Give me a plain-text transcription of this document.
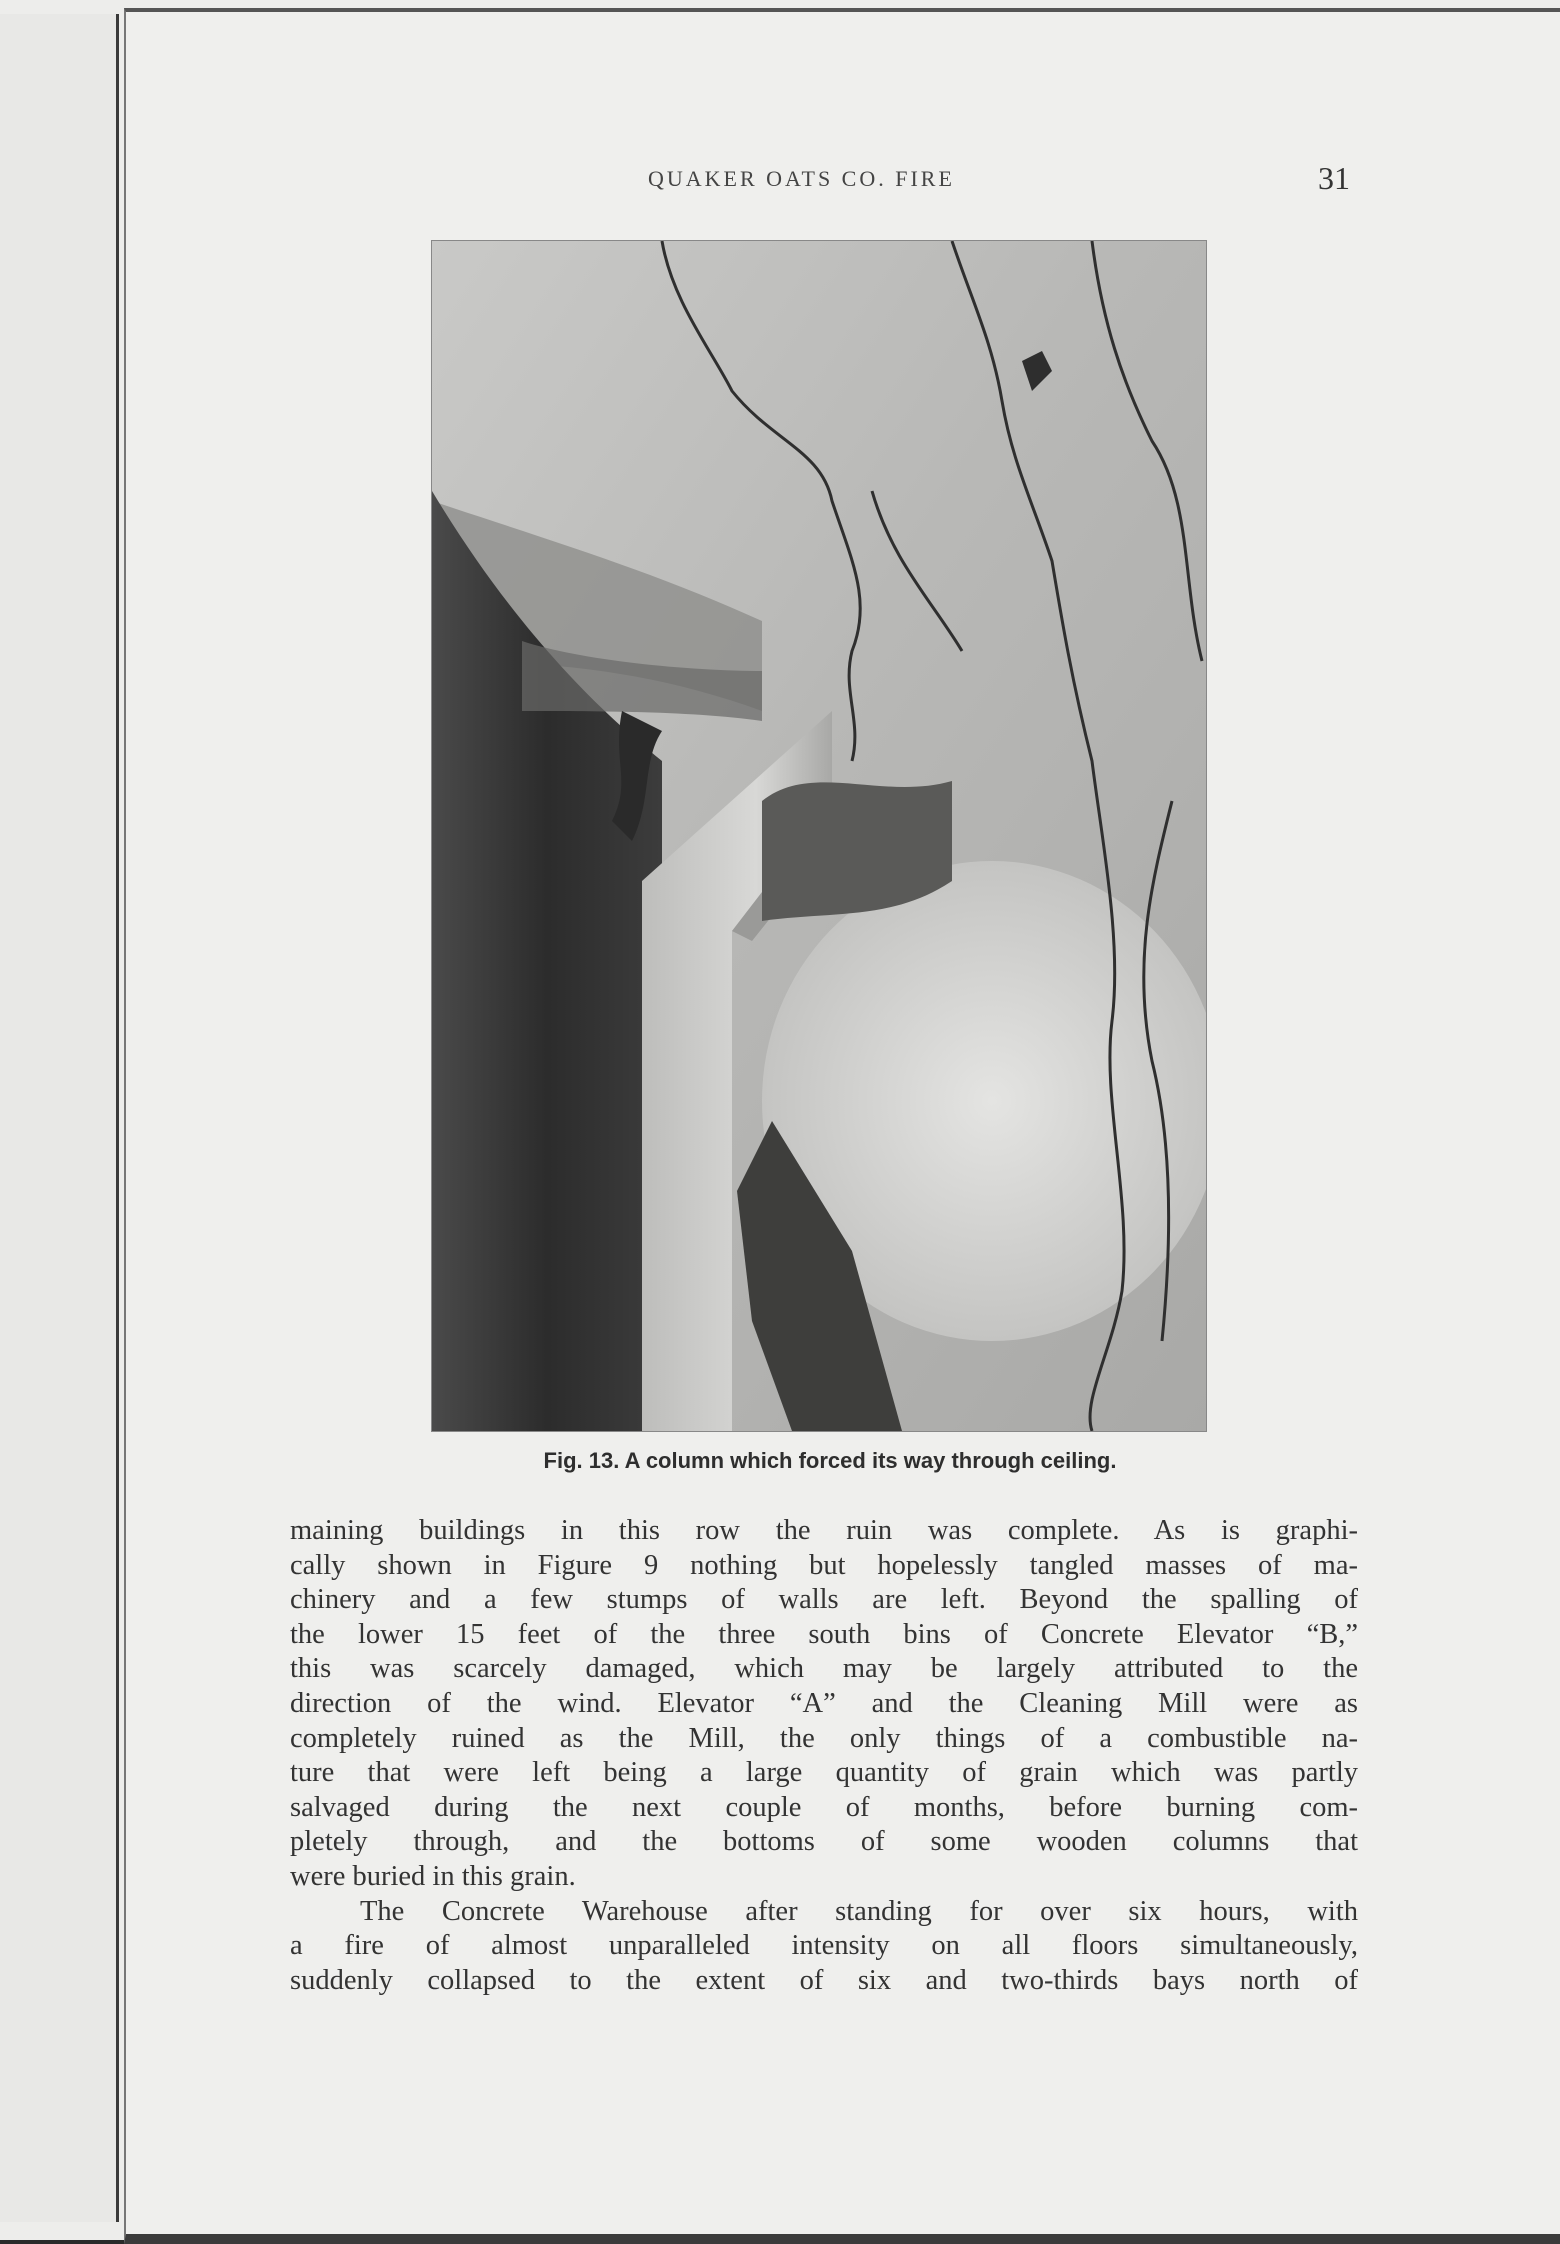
QUAKER OATS CO. FIRE	31
Fig. 13. A column which forced its way through ceiling.
maining buildings in this row the ruin was complete. As is graphi-
cally shown in Figure 9 nothing but hopelessly tangled masses of ma-
chinery and a few stumps of walls are left. Beyond the spalling of
the lower 15 feet of the three south bins of Concrete Elevator “B,”
this was scarcely damaged, which may be largely attributed to the
direction of the wind. Elevator “A” and the Cleaning Mill were as
completely ruined as the Mill, the only things of a combustible na-
ture that were left being a large quantity of grain which was partly
salvaged during the next couple of months, before burning com-
pletely through, and the bottoms of some wooden columns that
were buried in this grain.
The Concrete Warehouse after standing for over six hours, with
a fire of almost unparalleled intensity on all floors simultaneously,
suddenly collapsed to the extent of six and two-thirds bays north of
